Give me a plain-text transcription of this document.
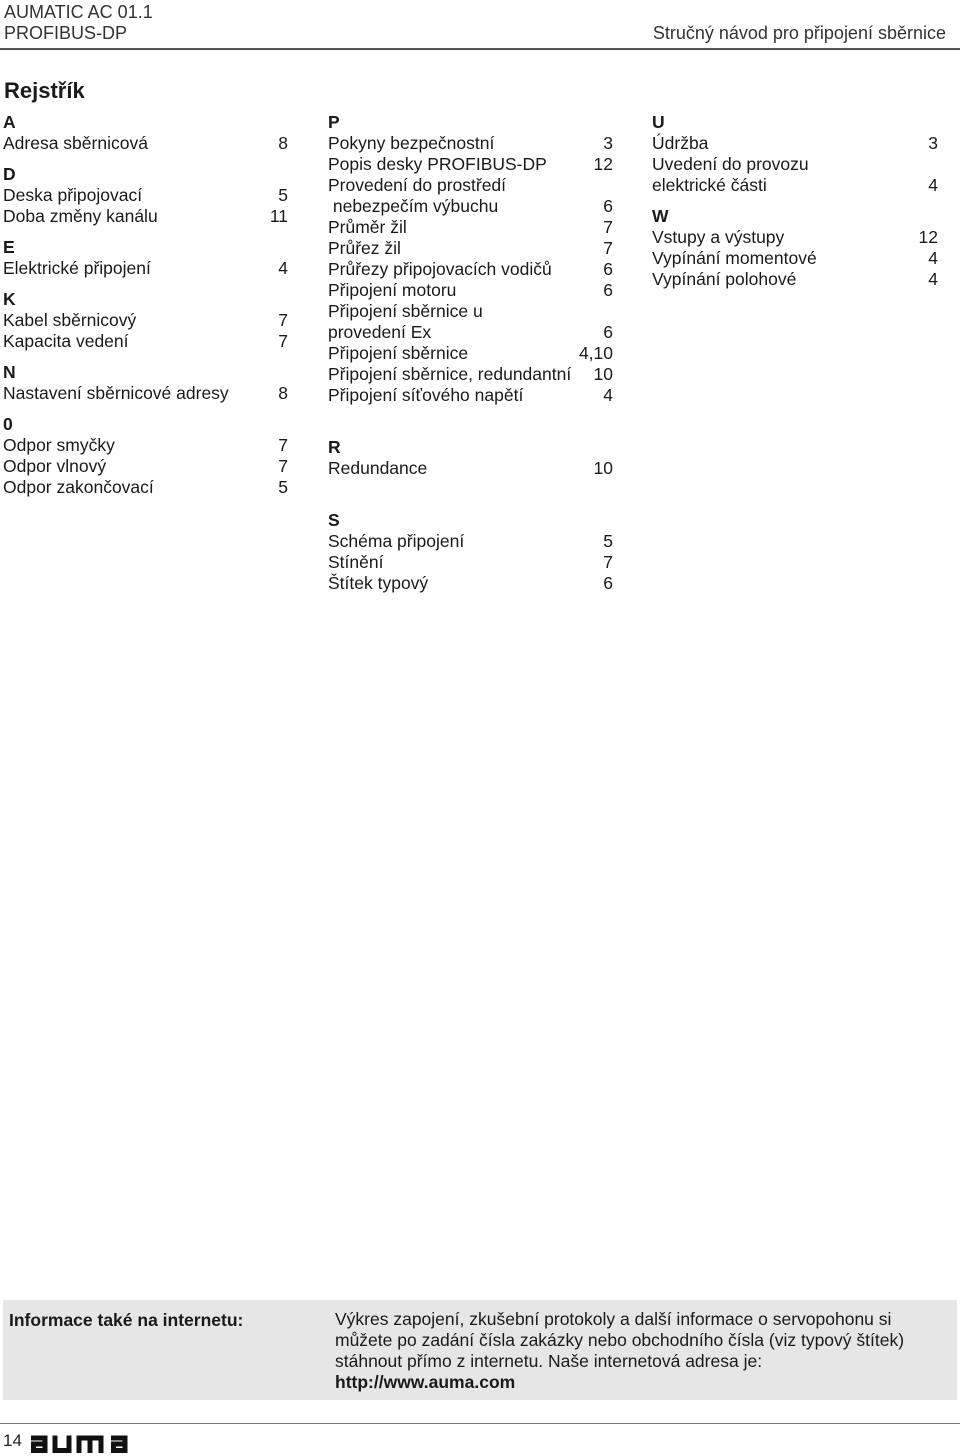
AUMATIC AC 01.1
PROFIBUS-DP	Stručný návod pro připojení sběrnice
Rejstřík
A
Adresa sběrnicová	8
D
Deska připojovací	5
Doba změny kanálu	11
E
Elektrické připojení	4
K
Kabel sběrnicový	7
Kapacita vedení	7
N
Nastavení sběrnicové adresy	8
0
Odpor smyčky	7
Odpor vlnový	7
Odpor zakončovací	5
P
Pokyny bezpečnostní	3
Popis desky PROFIBUS-DP	12
Provedení do prostředí
nebezpečím výbuchu	6
Průměr žil	7
Průřez žil	7
Průřezy připojovacích vodičů	6
Připojení motoru	6
Připojení sběrnice u
provedení Ex	6
Připojení sběrnice	4,10
Připojení sběrnice, redundantní 10
Připojení síťového napětí	4
R
Redundance	10
S
Schéma připojení	5
Stínění	7
Štítek typový	6
U
Údržba	3
Uvedení do provozu
elektrické části	4
W
Vstupy a výstupy	12
Vypínání momentové	4
Vypínání polohové	4
Informace také na internetu:	Výkres zapojení, zkušební protokoly a další informace o servopohonu si můžete po zadání čísla zakázky nebo obchodního čísla (viz typový štítek) stáhnout přímo z internetu. Naše internetová adresa je:
http://www.auma.com
14
